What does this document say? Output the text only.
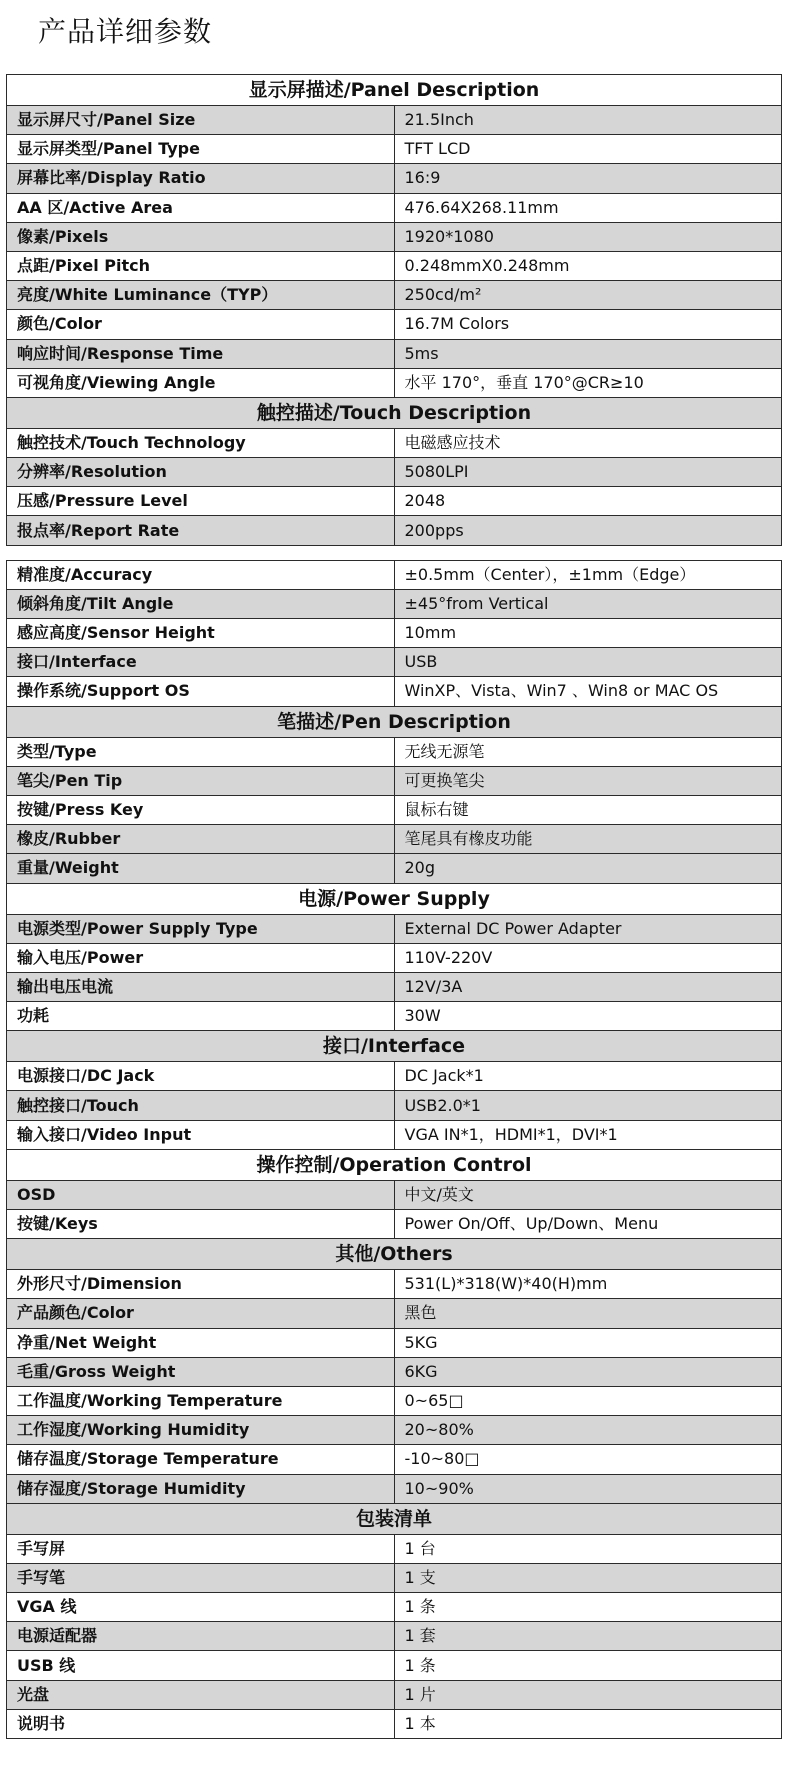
产品详细参数
显示屏描述/Panel Description	
显示屏尺寸/Panel Size	21.5Inch
显示屏类型/Panel Type	TFT LCD
屏幕比率/Display Ratio	16:9
AA 区/Active Area	476.64X268.11mm
像素/Pixels	1920*1080
点距/Pixel Pitch	0.248mmX0.248mm
亮度/White Luminance（TYP）	250cd/m²
颜色/Color	16.7M Colors
响应时间/Response Time	5ms
可视角度/Viewing Angle	水平 170°，垂直 170°@CR≥10
触控描述/Touch Description	
触控技术/Touch Technology	电磁感应技术
分辨率/Resolution	5080LPI
压感/Pressure Level	2048
报点率/Report Rate	200pps

精准度/Accuracy	±0.5mm（Center），±1mm（Edge）
倾斜角度/Tilt Angle	±45°from Vertical
感应高度/Sensor Height	10mm
接口/Interface	USB
操作系统/Support OS	WinXP、Vista、Win7 、Win8 or MAC OS
笔描述/Pen Description	
类型/Type	无线无源笔
笔尖/Pen Tip	可更换笔尖
按键/Press Key	鼠标右键
橡皮/Rubber	笔尾具有橡皮功能
重量/Weight	20g
电源/Power Supply	
电源类型/Power Supply Type	External DC Power Adapter
输入电压/Power	110V-220V
输出电压电流	12V/3A
功耗	30W
接口/Interface	
电源接口/DC Jack	DC Jack*1
触控接口/Touch	USB2.0*1
输入接口/Video Input	VGA IN*1，HDMI*1，DVI*1
操作控制/Operation Control	
OSD	中文/英文
按键/Keys	Power On/Off、Up/Down、Menu
其他/Others	
外形尺寸/Dimension	531(L)*318(W)*40(H)mm
产品颜色/Color	黑色
净重/Net Weight	5KG
毛重/Gross Weight	6KG
工作温度/Working Temperature	0~65□
工作湿度/Working Humidity	20~80%
储存温度/Storage Temperature	-10~80□
储存湿度/Storage Humidity	10~90%
包装清单	
手写屏	1 台
手写笔	1 支
VGA 线	1 条
电源适配器	1 套
USB 线	1 条
光盘	1 片
说明书	1 本
